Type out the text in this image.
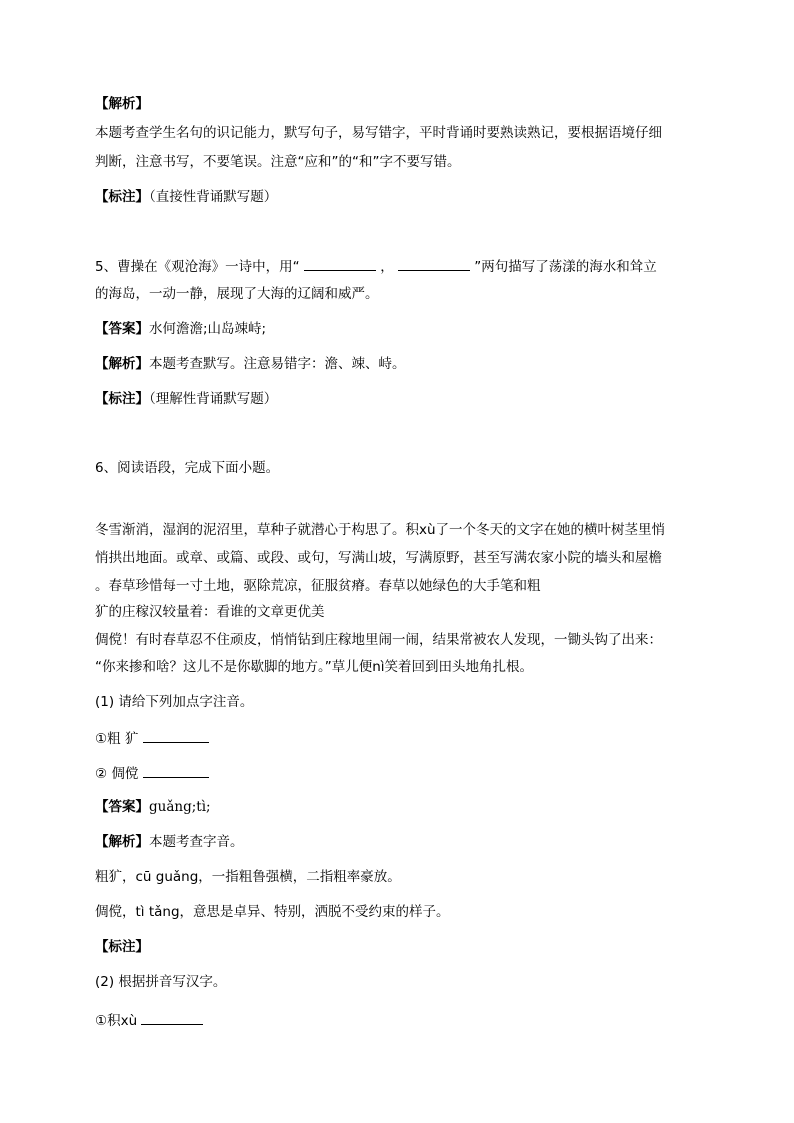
【解析】
本题考查学生名句的识记能力，默写句子，易写错字，平时背诵时要熟读熟记，要根据语境仔细
判断，注意书写，不要笔误。注意“应和”的“和”字不要写错。
【标注】（直接性背诵默写题）
5、曹操在《观沧海》一诗中，用“	，	”两句描写了荡漾的海水和耸立
的海岛，一动一静，展现了大海的辽阔和威严。
【答案】水何澹澹;山岛竦峙;
【解析】本题考查默写。注意易错字：澹、竦、峙。
【标注】（理解性背诵默写题）
6、阅读语段，完成下面小题。
冬雪渐消，湿润的泥沼里，草种子就潜心于构思了。积xù了一个冬天的文字在她的横叶树茎里悄
悄拱出地面。或章、或篇、或段、或句，写满山坡，写满原野，甚至写满农家小院的墙头和屋檐
。春草珍惜每一寸土地，驱除荒凉，征服贫瘠。春草以她绿色的大手笔和粗
犷的庄稼汉较量着：看谁的文章更优美
倜傥！有时春草忍不住顽皮，悄悄钻到庄稼地里闹一闹，结果常被农人发现，一锄头钩了出来：
“你来掺和啥？这儿不是你歇脚的地方。”草儿便nì笑着回到田头地角扎根。
(1) 请给下列加点字注音。
①粗 犷
② 倜傥
【答案】guǎng;tì;
【解析】本题考查字音。
粗犷，cū guǎng，一指粗鲁强横，二指粗率豪放。
倜傥，tì tǎng，意思是卓异、特别，洒脱不受约束的样子。
【标注】
(2) 根据拼音写汉字。
①积xù
